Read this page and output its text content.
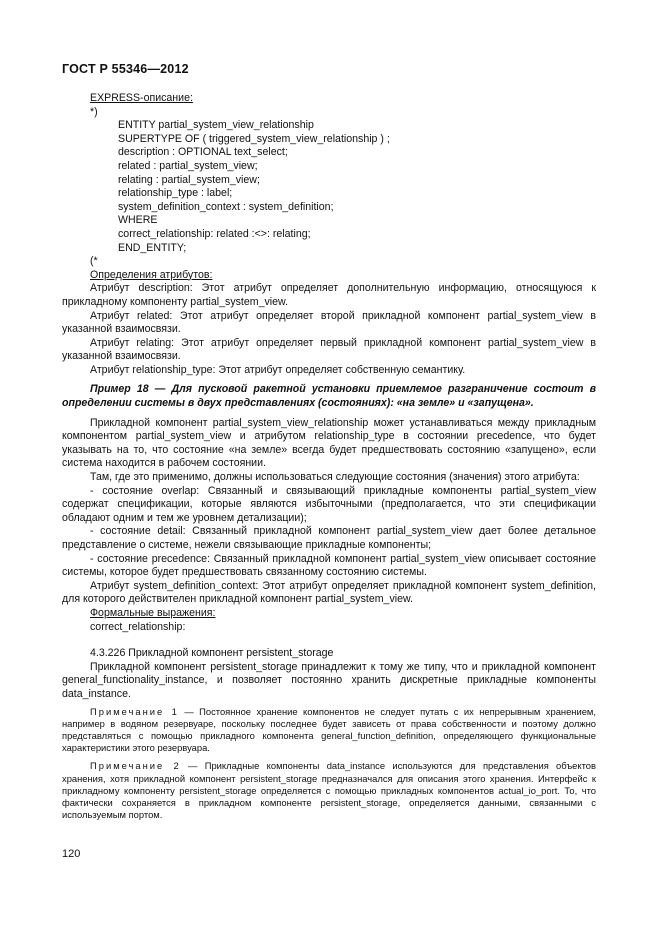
ГОСТ Р 55346—2012
EXPRESS-описание:
*)
ENTITY partial_system_view_relationship
SUPERTYPE OF ( triggered_system_view_relationship ) ;
description : OPTIONAL text_select;
related : partial_system_view;
relating : partial_system_view;
relationship_type : label;
system_definition_context : system_definition;
WHERE
correct_relationship: related :<>: relating;
END_ENTITY;
(*
Определения атрибутов:
Атрибут description: Этот атрибут определяет дополнительную информацию, относящуюся к прикладному компоненту partial_system_view.
Атрибут related: Этот атрибут определяет второй прикладной компонент partial_system_view в указанной взаимосвязи.
Атрибут relating: Этот атрибут определяет первый прикладной компонент partial_system_view в указанной взаимосвязи.
Атрибут relationship_type: Этот атрибут определяет собственную семантику.
Пример 18 — Для пусковой ракетной установки приемлемое разграничение состоит в определении системы в двух представлениях (состояниях): «на земле» и «запущена».
Прикладной компонент partial_system_view_relationship может устанавливаться между прикладным компонентом partial_system_view и атрибутом relationship_type в состоянии precedence, что будет указывать на то, что состояние «на земле» всегда будет предшествовать состоянию «запущено», если система находится в рабочем состоянии.
Там, где это применимо, должны использоваться следующие состояния (значения) этого атрибута:
- состояние overlap: Связанный и связывающий прикладные компоненты partial_system_view содержат спецификации, которые являются избыточными (предполагается, что эти спецификации обладают одним и тем же уровнем детализации);
- состояние detail: Связанный прикладной компонент partial_system_view дает более детальное представление о системе, нежели связывающие прикладные компоненты;
- состояние precedence: Связанный прикладной компонент partial_system_view описывает состояние системы, которое будет предшествовать связанному состоянию системы.
Атрибут system_definition_context: Этот атрибут определяет прикладной компонент system_definition, для которого действителен прикладной компонент partial_system_view.
Формальные выражения:
correct_relationship:
4.3.226 Прикладной компонент persistent_storage
Прикладной компонент persistent_storage принадлежит к тому же типу, что и прикладной компонент general_functionality_instance, и позволяет постоянно хранить дискретные прикладные компоненты data_instance.
Примечание 1 — Постоянное хранение компонентов не следует путать с их непрерывным хранением, например в водяном резервуаре, поскольку последнее будет зависеть от права собственности и поэтому должно представляться с помощью прикладного компонента general_function_definition, определяющего функциональные характеристики этого резервуара.
Примечание 2 — Прикладные компоненты data_instance используются для представления объектов хранения, хотя прикладной компонент persistent_storage предназначался для описания этого хранения. Интерфейс к прикладному компоненту persistent_storage определяется с помощью прикладных компонентов actual_io_port. То, что фактически сохраняется в прикладном компоненте persistent_storage, определяется данными, связанными с используемым портом.
120
